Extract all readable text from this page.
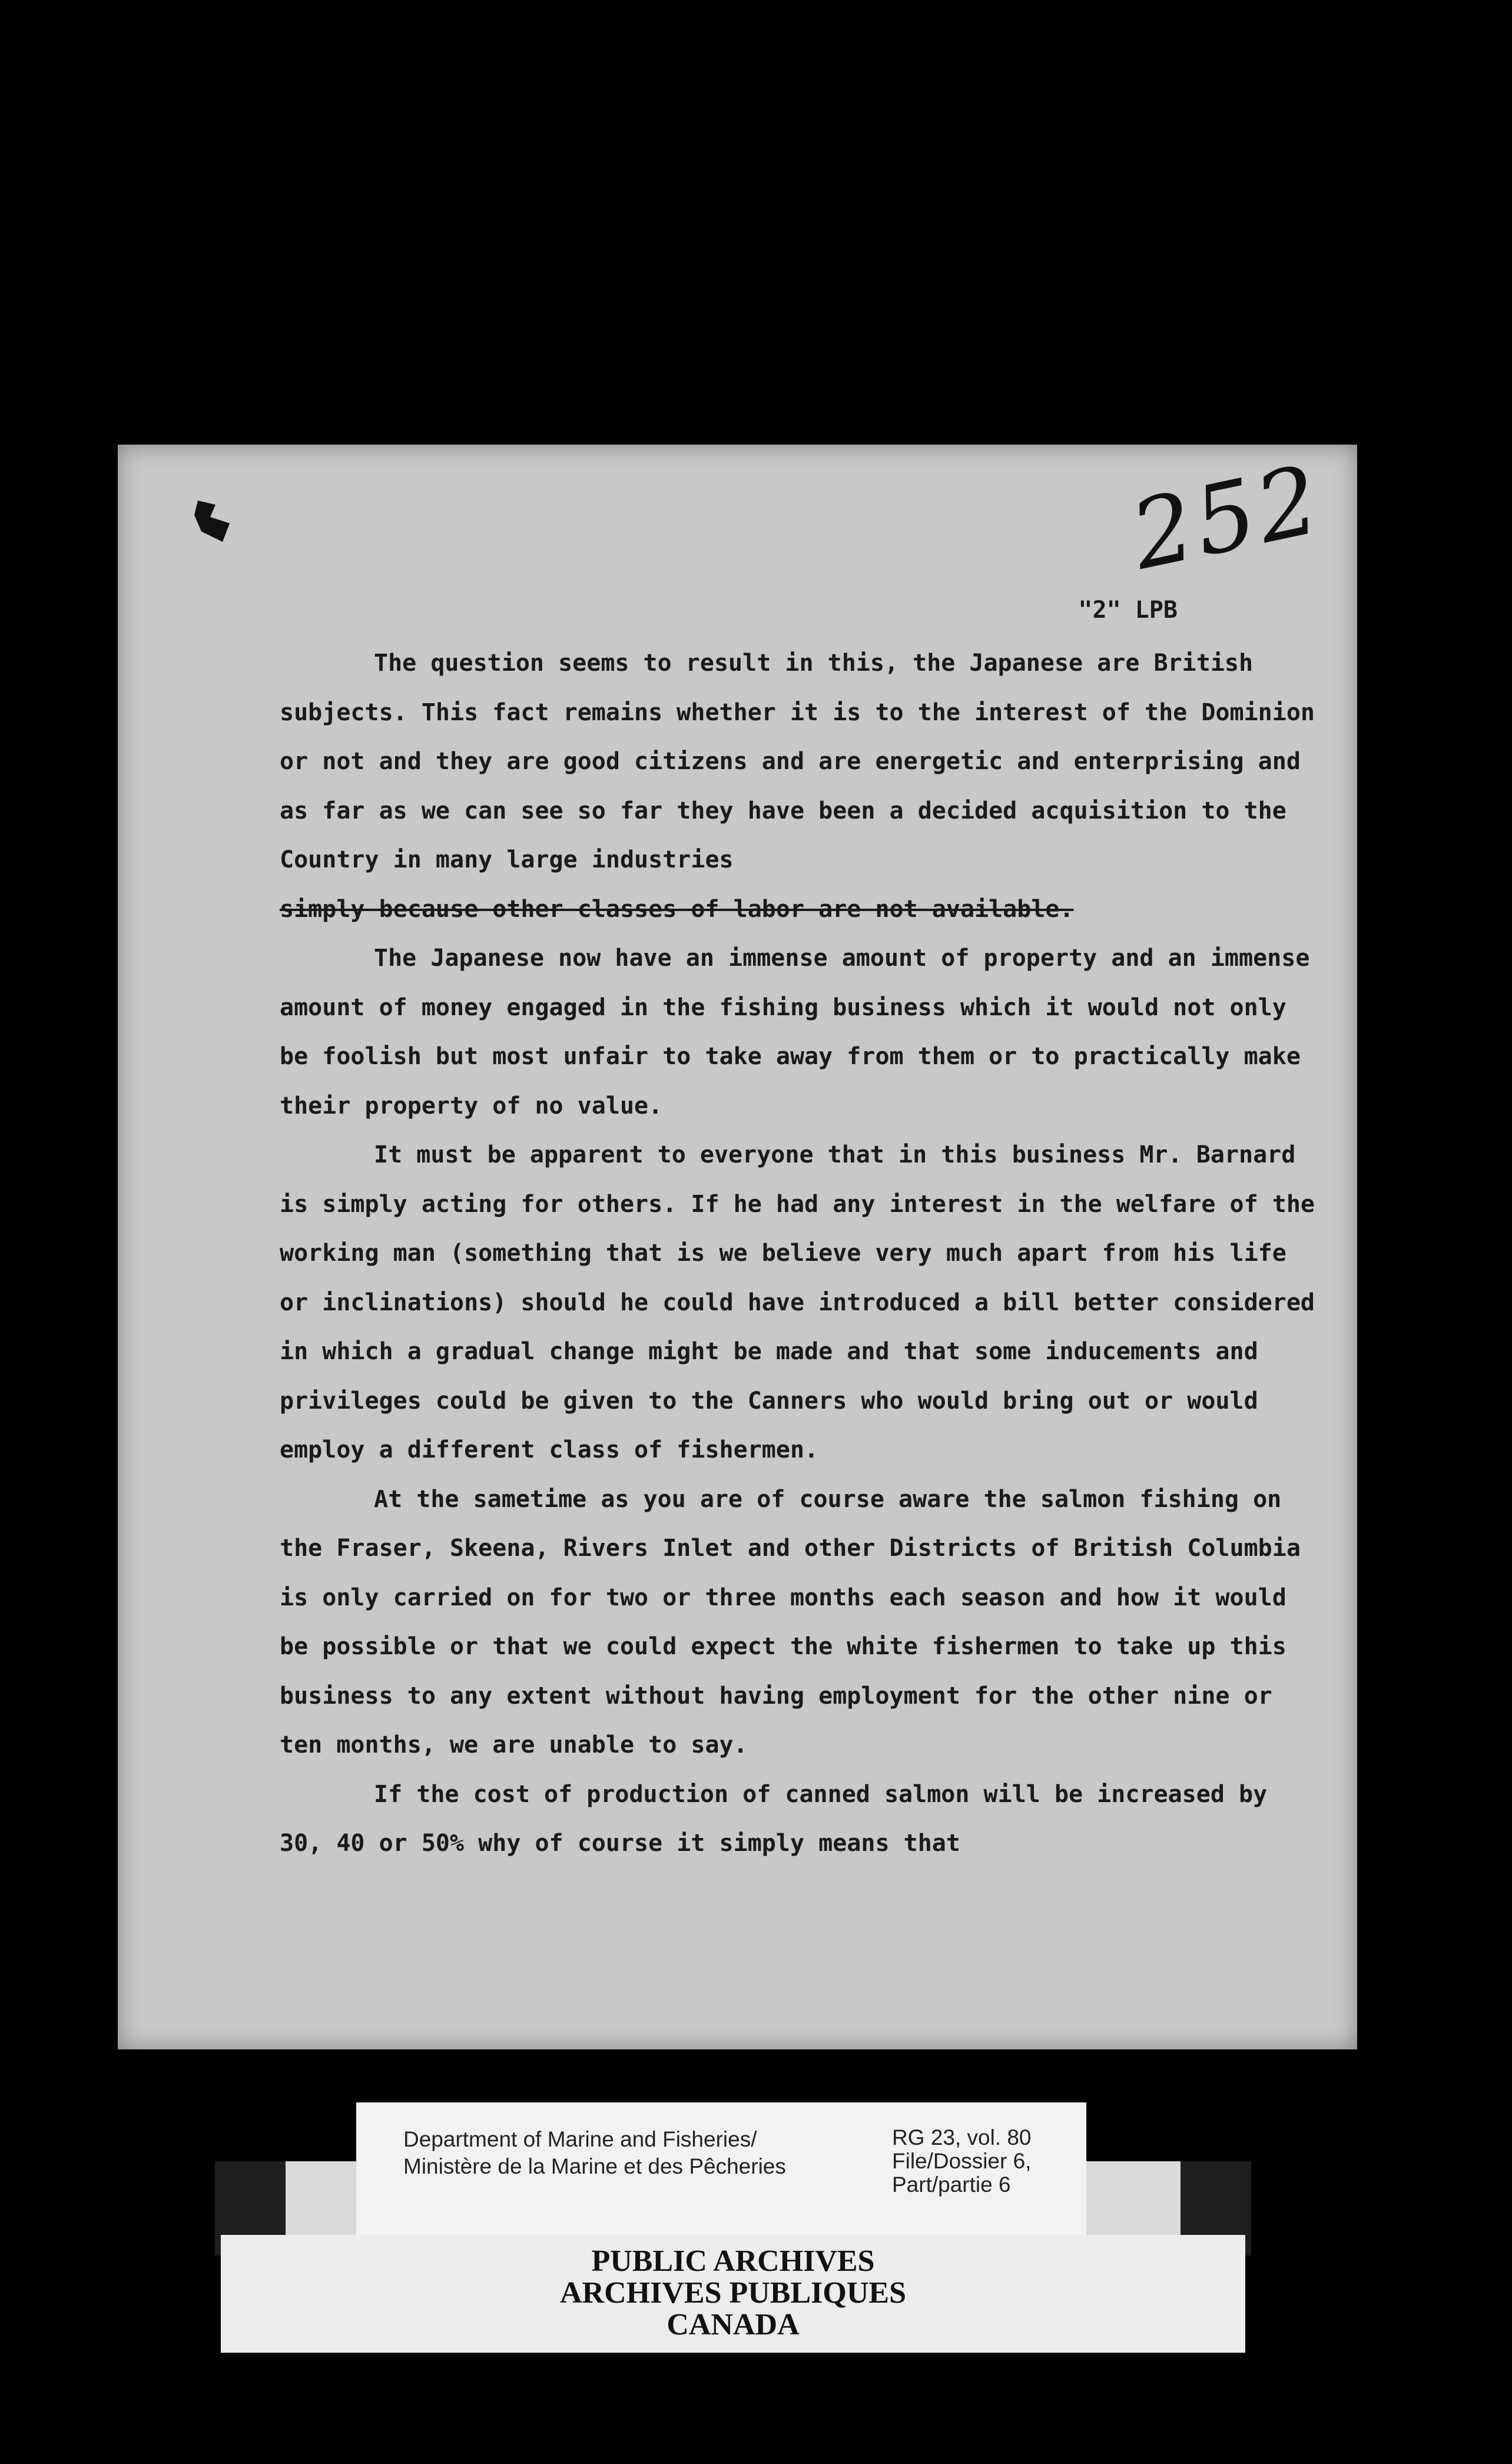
252
"2" LPB

The question seems to result in this, the Japanese are British subjects. This fact remains whether it is to the interest of the Dominion or not and they are good citizens and are energetic and enterprising and as far as we can see so far they have been a decided acquisition to the Country in many large industries

simply because other classes of labor are not available.

The Japanese now have an immense amount of property and an immense amount of money engaged in the fishing business which it would not only be foolish but most unfair to take away from them or to practically make their property of no value.

It must be apparent to everyone that in this business Mr. Barnard is simply acting for others. If he had any interest in the welfare of the working man (something that is we believe very much apart from his life or inclinations) should he could have introduced a bill better considered in which a gradual change might be made and that some inducements and privileges could be given to the Canners who would bring out or would employ a different class of fishermen.

At the sametime as you are of course aware the salmon fishing on the Fraser, Skeena, Rivers Inlet and other Districts of British Columbia is only carried on for two or three months each season and how it would be possible or that we could expect the white fishermen to take up this business to any extent without having employment for the other nine or ten months, we are unable to say.

If the cost of production of canned salmon will be increased by 30, 40 or 50% why of course it simply means that

Department of Marine and Fisheries/
Ministère de la Marine et des Pêcheries
RG 23, vol. 80
File/Dossier 6,
Part/partie 6
PUBLIC ARCHIVES
ARCHIVES PUBLIQUES
CANADA
